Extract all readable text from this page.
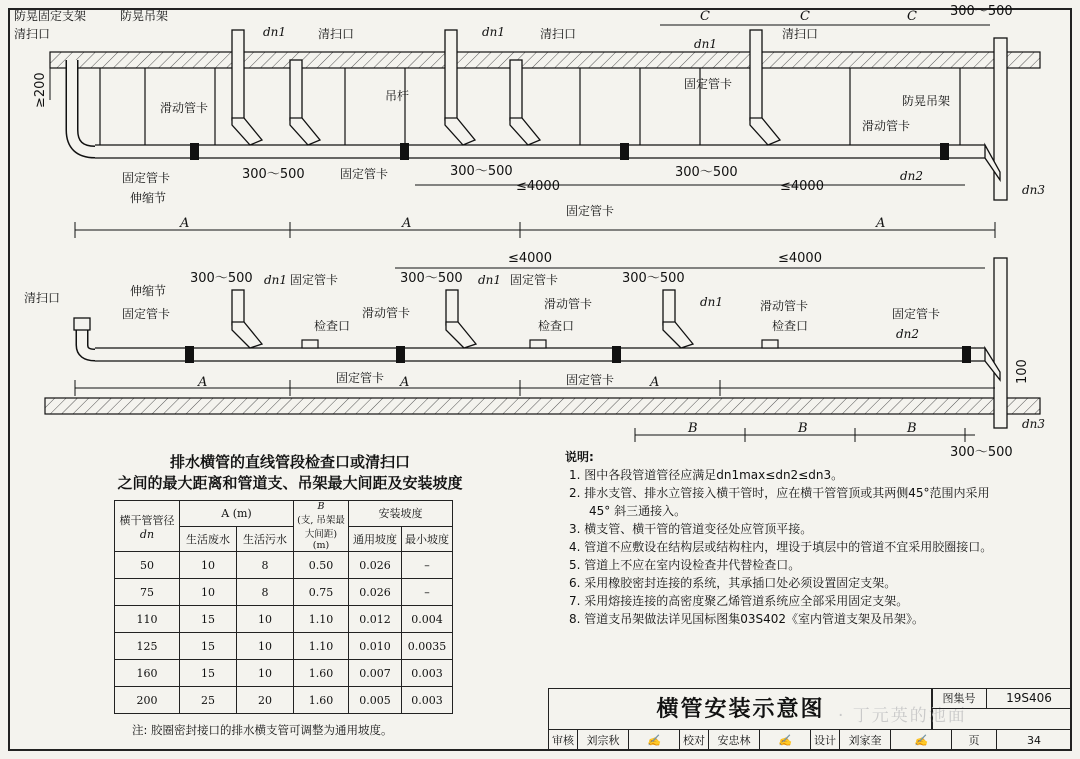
防晃固定支架
清扫口
防晃吊架
dn1	清扫口	dn1	清扫口
dn1
清扫口
固定管卡
吊杆
滑动管卡	防晃吊架
滑动管卡
固定管卡
伸缩节
固定管卡
固定管卡
dn2
dn3
300～500	300～500	300～500
≤4000	≤4000
A	A	A
C	C	C	300～500
≥200
清扫口	伸缩节
固定管卡
dn1 固定管卡
滑动管卡
检查口
固定管卡
dn1 固定管卡
滑动管卡
检查口
固定管卡
dn1	滑动管卡
检查口
固定管卡
dn2
dn3
300～500	300～500	300～500
≤4000	≤4000
A	A	A
B	B	B
300～500
100
排水横管的直线管段检查口或清扫口
之间的最大距离和管道支、吊架最大间距及安装坡度
横干管管径
dn	A (m)		B
(支, 吊架最大间距) (m)	安装坡度	
	生活废水	生活污水		通用坡度	最小坡度
50	10	8	0.50	0.026	–
75	10	8	0.75	0.026	–
110	15	10	1.10	0.012	0.004
125	15	10	1.10	0.010	0.0035
160	15	10	1.60	0.007	0.003
200	25	20	1.60	0.005	0.003
注: 胶圈密封接口的排水横支管可调整为通用坡度。
说明:
1. 图中各段管道管径应满足dn1max≤dn2≤dn3。
2. 排水支管、排水立管接入横干管时，应在横干管管顶或其两侧45°范围内采用45° 斜三通接入。
3. 横支管、横干管的管道变径处应管顶平接。
4. 管道不应敷设在结构层或结构柱内，埋设于填层中的管道不宜采用胶圈接口。
5. 管道上不应在室内设检查井代替检查口。
6. 采用橡胶密封连接的系统，其承插口处必须设置固定支架。
7. 采用熔接连接的高密度聚乙烯管道系统应全部采用固定支架。
8. 管道支吊架做法详见国标图集03S402《室内管道支架及吊架》。
横管安装示意图 · 丁元英的池面
图集号	19S406
审核	刘宗秋	✍	校对	安忠林	✍	设计	刘家奎	✍	页	34
